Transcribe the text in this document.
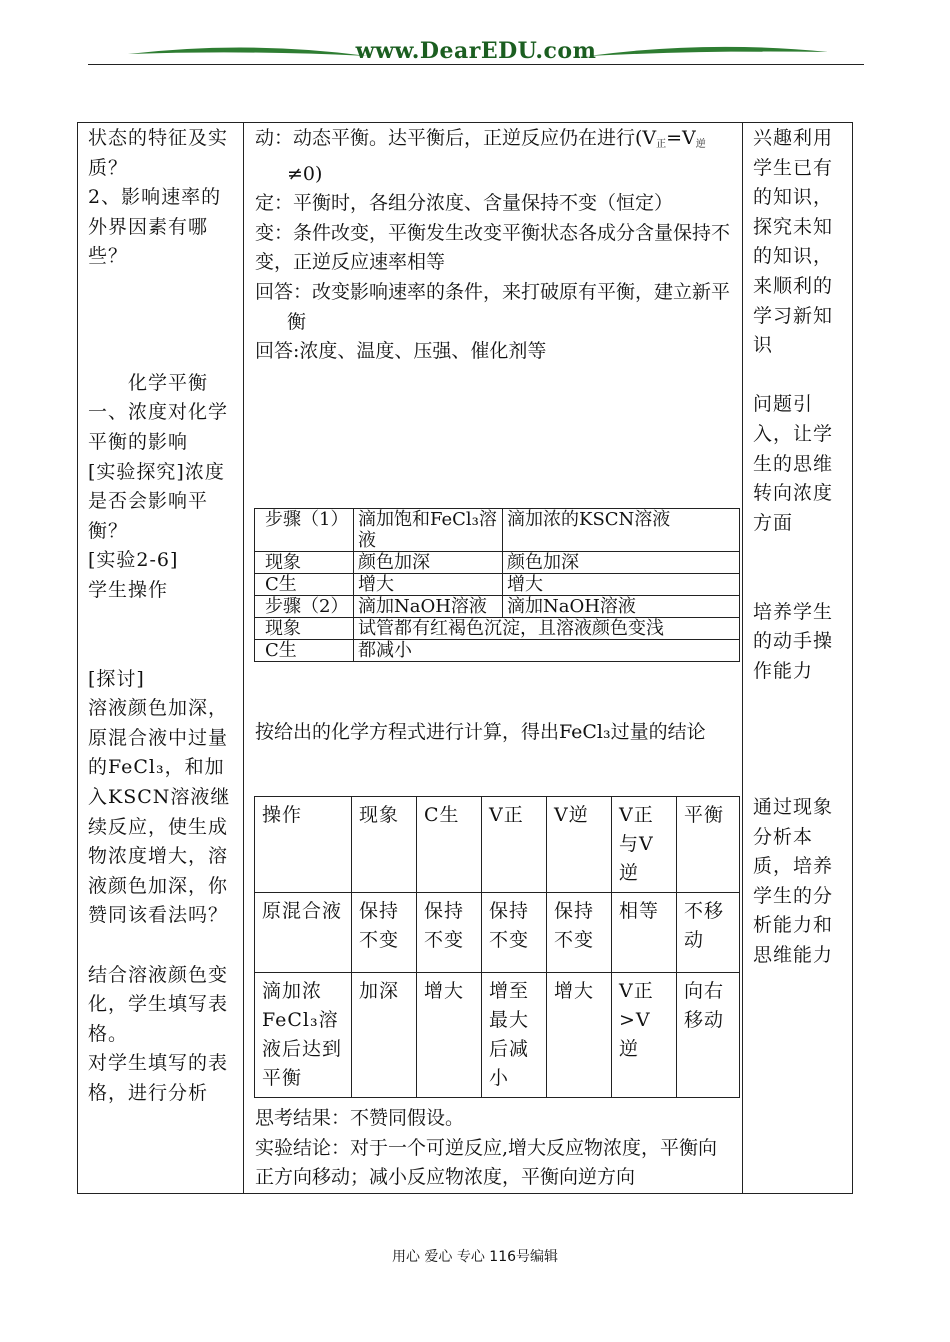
www.DearEDU.com

状态的特征及实质？

2、影响速率的外界因素有哪些？

　　化学平衡

一、浓度对化学平衡的影响

[实验探究]浓度是否会影响平衡？

[实验2-6]

学生操作

[探讨]

溶液颜色加深，原混合液中过量的FeCl₃，和加入KSCN溶液继续反应，使生成物浓度增大，溶液颜色加深，你赞同该看法吗？

结合溶液颜色变化，学生填写表格。

对学生填写的表格，进行分析

动：动态平衡。达平衡后，正逆反应仍在进行$(V_正=V_逆\ne 0)$

定：平衡时，各组分浓度、含量保持不变（恒定）

变：条件改变，平衡发生改变平衡状态各成分含量保持不变，正逆反应速率相等

回答：改变影响速率的条件，来打破原有平衡，建立新平衡

回答:浓度、温度、压强、催化剂等

步骤（1）	滴加饱和FeCl₃溶液	滴加浓的KSCN溶液
现象	颜色加深	颜色加深
C生	增大	增大
步骤（2）	滴加NaOH溶液	滴加NaOH溶液
现象	试管都有红褐色沉淀，且溶液颜色变浅	
C生	都减小	

按给出的化学方程式进行计算，得出FeCl₃过量的结论

操作	现象	C生	V正	V逆	V正与V逆	平衡
原混合液	保持不变	保持不变	保持不变	保持不变	相等	不移动
滴加浓FeCl₃溶液后达到平衡	加深	增大	增至最大后减小	增大	V正>V逆	向右移动

思考结果：不赞同假设。

实验结论：对于一个可逆反应,增大反应物浓度，平衡向正方向移动；减小反应物浓度，平衡向逆方向

兴趣利用学生已有的知识，探究未知的知识，来顺利的学习新知识

问题引入，让学生的思维转向浓度方面

培养学生的动手操作能力

通过现象分析本质，培养学生的分析能力和思维能力

用心 爱心 专心 116号编辑
